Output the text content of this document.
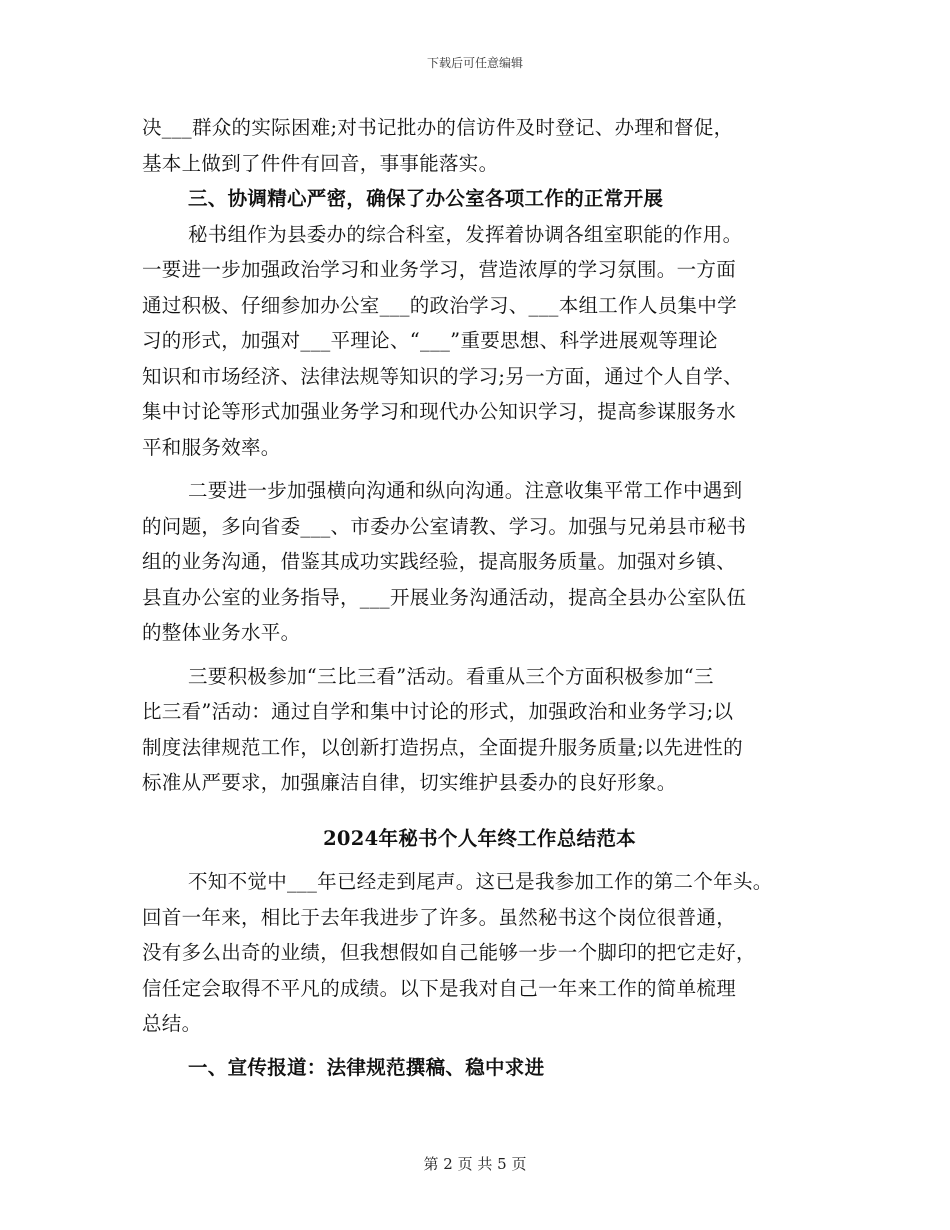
下载后可任意编辑
决___群众的实际困难;对书记批办的信访件及时登记、办理和督促，
基本上做到了件件有回音，事事能落实。
三、协调精心严密，确保了办公室各项工作的正常开展
秘书组作为县委办的综合科室，发挥着协调各组室职能的作用。
一要进一步加强政治学习和业务学习，营造浓厚的学习氛围。一方面
通过积极、仔细参加办公室___的政治学习、___本组工作人员集中学
习的形式，加强对___平理论、“___”重要思想、科学进展观等理论
知识和市场经济、法律法规等知识的学习;另一方面，通过个人自学、
集中讨论等形式加强业务学习和现代办公知识学习，提高参谋服务水
平和服务效率。
二要进一步加强横向沟通和纵向沟通。注意收集平常工作中遇到
的问题，多向省委___、市委办公室请教、学习。加强与兄弟县市秘书
组的业务沟通，借鉴其成功实践经验，提高服务质量。加强对乡镇、
县直办公室的业务指导，___开展业务沟通活动，提高全县办公室队伍
的整体业务水平。
三要积极参加“三比三看”活动。看重从三个方面积极参加“三
比三看”活动：通过自学和集中讨论的形式，加强政治和业务学习;以
制度法律规范工作，以创新打造拐点，全面提升服务质量;以先进性的
标准从严要求，加强廉洁自律，切实维护县委办的良好形象。
2024年秘书个人年终工作总结范本
不知不觉中___年已经走到尾声。这已是我参加工作的第二个年头。
回首一年来，相比于去年我进步了许多。虽然秘书这个岗位很普通，
没有多么出奇的业绩，但我想假如自己能够一步一个脚印的把它走好，
信任定会取得不平凡的成绩。以下是我对自己一年来工作的简单梳理
总结。
一、宣传报道：法律规范撰稿、稳中求进
第 2 页 共 5 页
